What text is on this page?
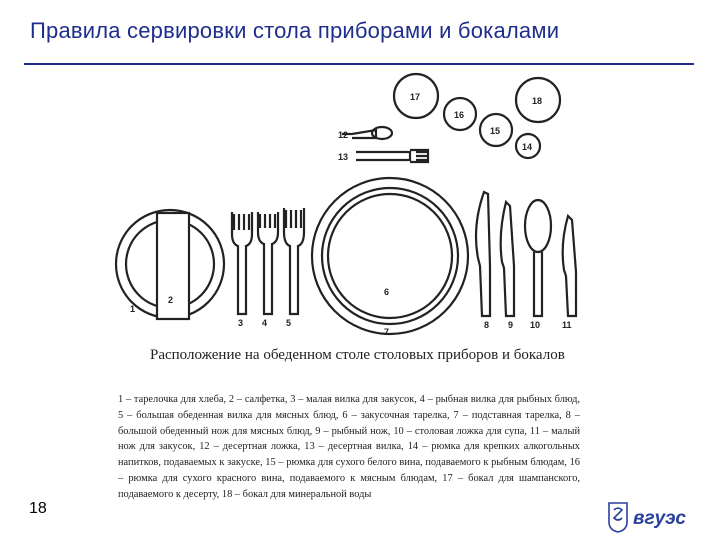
Правила сервировки стола приборами и бокалами
1
2
3 4 5
6
7
8 9 10 11
12
13
14
15
16
17	18
Расположение на обеденном столе столовых приборов и бокалов
1 – тарелочка для хлеба, 2 – салфетка, 3 – малая вилка для закусок, 4 – рыбная вилка для рыбных блюд, 5 – большая обеденная вилка для мясных блюд, 6 – закусочная тарелка, 7 – подставная тарелка, 8 – большой обеденный нож для мясных блюд, 9 – рыбный нож, 10 – столовая ложка для супа, 11 – малый нож для закусок, 12 – десертная ложка, 13 – десертная вилка, 14 – рюмка для крепких алкогольных напитков, подаваемых к закуске, 15 – рюмка для сухого белого вина, подаваемого к рыбным блюдам, 16 – рюмка для сухого красного вина, подаваемого к мясным блюдам, 17 – бокал для шампанского, подаваемого к десерту, 18 – бокал для минеральной воды
18	вгуэс
